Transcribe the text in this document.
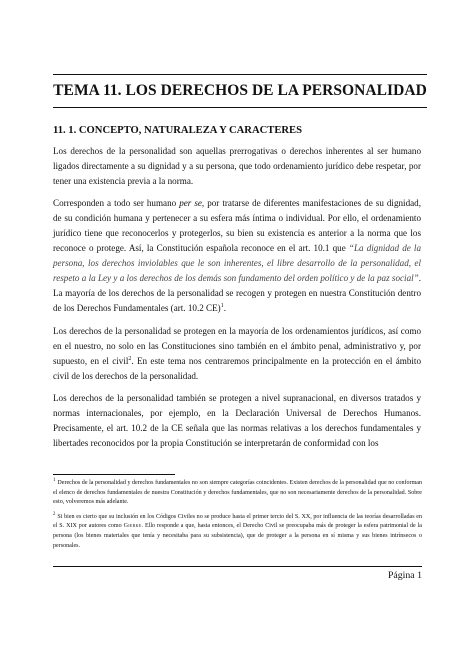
TEMA 11. LOS DERECHOS DE LA PERSONALIDAD
11. 1. CONCEPTO, NATURALEZA Y CARACTERES

Los derechos de la personalidad son aquellas prerrogativas o derechos inherentes al ser humano ligados directamente a su dignidad y a su persona, que todo ordenamiento jurídico debe respetar, por tener una existencia previa a la norma.

Corresponden a todo ser humano per se, por tratarse de diferentes manifestaciones de su dignidad, de su condición humana y pertenecer a su esfera más íntima o individual. Por ello, el ordenamiento jurídico tiene que reconocerlos y protegerlos, su bien su existencia es anterior a la norma que los reconoce o protege. Así, la Constitución española reconoce en el art. 10.1 que “La dignidad de la persona, los derechos inviolables que le son inherentes, el libre desarrollo de la personalidad, el respeto a la Ley y a los derechos de los demás son fundamento del orden político y de la paz social”. La mayoría de los derechos de la personalidad se recogen y protegen en nuestra Constitución dentro de los Derechos Fundamentales (art. 10.2 CE)$^1$.

Los derechos de la personalidad se protegen en la mayoría de los ordenamientos jurídicos, así como en el nuestro, no solo en las Constituciones sino también en el ámbito penal, administrativo y, por supuesto, en el civil$^2$. En este tema nos centraremos principalmente en la protección en el ámbito civil de los derechos de la personalidad.

Los derechos de la personalidad también se protegen a nivel supranacional, en diversos tratados y normas internacionales, por ejemplo, en la Declaración Universal de Derechos Humanos. Precisamente, el art. 10.2 de la CE señala que las normas relativas a los derechos fundamentales y libertades reconocidos por la propia Constitución se interpretarán de conformidad con los

$^1$ Derechos de la personalidad y derechos fundamentales no son siempre categorías coincidentes. Existen derechos de la personalidad que no conforman el elenco de derechos fundamentales de nuestra Constitución y derechos fundamentales, que no son necesariamente derechos de la personalidad. Sobre esto, volveremos más adelante.

$^2$ Si bien es cierto que su inclusión en los Códigos Civiles no se produce hasta el primer tercio del S. XX, por influencia de las teorías desarrolladas en el S. XIX por autores como Gierke. Ello responde a que, hasta entonces, el Derecho Civil se preocupaba más de proteger la esfera patrimonial de la persona (los bienes materiales que tenía y necesitaba para su subsistencia), que de proteger a la persona en sí misma y sus bienes intrínsecos o personales.

Página 1
